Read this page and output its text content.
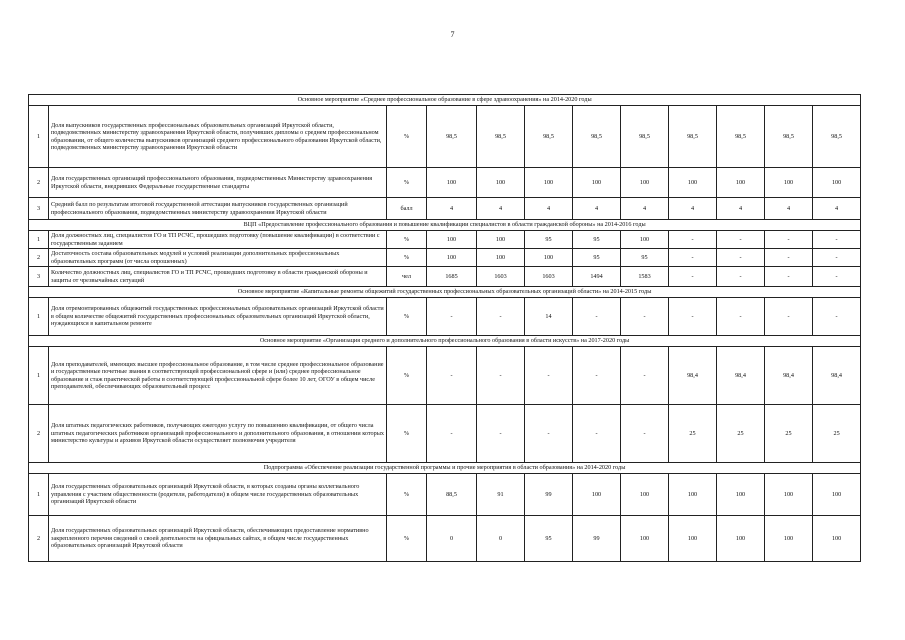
7
Основное мероприятие «Среднее профессиональное образование в сфере здравоохранения» на 2014-2020 годы											
1	Доля выпускников государственных профессиональных образовательных организаций Иркутской области, подведомственных министерству здравоохранения Иркутской области, получивших дипломы о среднем профессиональном образовании, от общего количества выпускников организаций среднего профессионального образования Иркутской области, подведомственных министерству здравоохранения Иркутской области	%	98,5	98,5	98,5	98,5	98,5	98,5	98,5	98,5	98,5
2	Доля государственных организаций профессионального образования, подведомственных Министерству здравоохранения Иркутской области, внедривших Федеральные государственные стандарты	%	100	100	100	100	100	100	100	100	100
3	Средний балл по результатам итоговой государственной аттестации выпускников государственных организаций профессионального образования, подведомственных министерству здравоохранения Иркутской области	балл	4	4	4	4	4	4	4	4	4
ВЦП «Предоставление профессионального образования и повышение квалификации специалистов в области гражданской обороны» на 2014-2016 годы											
1	Доля должностных лиц, специалистов ГО и ТП РСЧС, прошедших подготовку (повышение квалификации) в соответствии с государственным заданием	%	100	100	95	95	100	-	-	-	-
2	Достаточность состава образовательных модулей и условий реализации дополнительных профессиональных образовательных программ (от числа опрошенных)	%	100	100	100	95	95	-	-	-	-
3	Количество должностных лиц, специалистов ГО и ТП РСЧС, прошедших подготовку в области гражданской обороны и защиты от чрезвычайных ситуаций	чел	1685	1603	1603	1494	1583	-	-	-	-
Основное мероприятие «Капитальные ремонты общежитий государственных профессиональных образовательных организаций области» на 2014-2015 годы											
1	Доля отремонтированных общежитий государственных профессиональных образовательных организаций Иркутской области в общем количестве общежитий государственных профессиональных образовательных организаций Иркутской области, нуждающихся в капитальном ремонте	%	-	-	14	-	-	-	-	-	-
Основное мероприятие «Организация среднего и дополнительного профессионального образования в области искусств» на 2017-2020 годы											
1	Доля преподавателей, имеющих высшее профессиональное образование, в том числе среднее профессиональное образование и государственные почетные звания в соответствующей профессиональной сфере и (или) среднее профессиональное образование и стаж практической работы в соответствующей профессиональной сфере более 10 лет, ОГОУ в общем числе преподавателей, обеспечивающих образовательный процесс	%	-	-	-	-	-	98,4	98,4	98,4	98,4
2	Доля штатных педагогических работников, получающих ежегодно услугу по повышению квалификации, от общего числа штатных педагогических работников организаций профессионального и дополнительного образования, в отношении которых министерство культуры и архивов Иркутской области осуществляет полномочия учредителя	%	-	-	-	-	-	25	25	25	25
Подпрограмма «Обеспечение реализации государственной программы и прочие мероприятия в области образования» на 2014-2020 годы											
1	Доля государственных образовательных организаций Иркутской области, в которых созданы органы коллегиального управления с участием общественности (родители, работодатели) в общем числе государственных образовательных организаций Иркутской области	%	88,5	91	99	100	100	100	100	100	100
2	Доля государственных образовательных организаций Иркутской области, обеспечивающих предоставление нормативно закрепленного перечня сведений о своей деятельности на официальных сайтах, в общем числе государственных образовательных организаций Иркутской области	%	0	0	95	99	100	100	100	100	100
